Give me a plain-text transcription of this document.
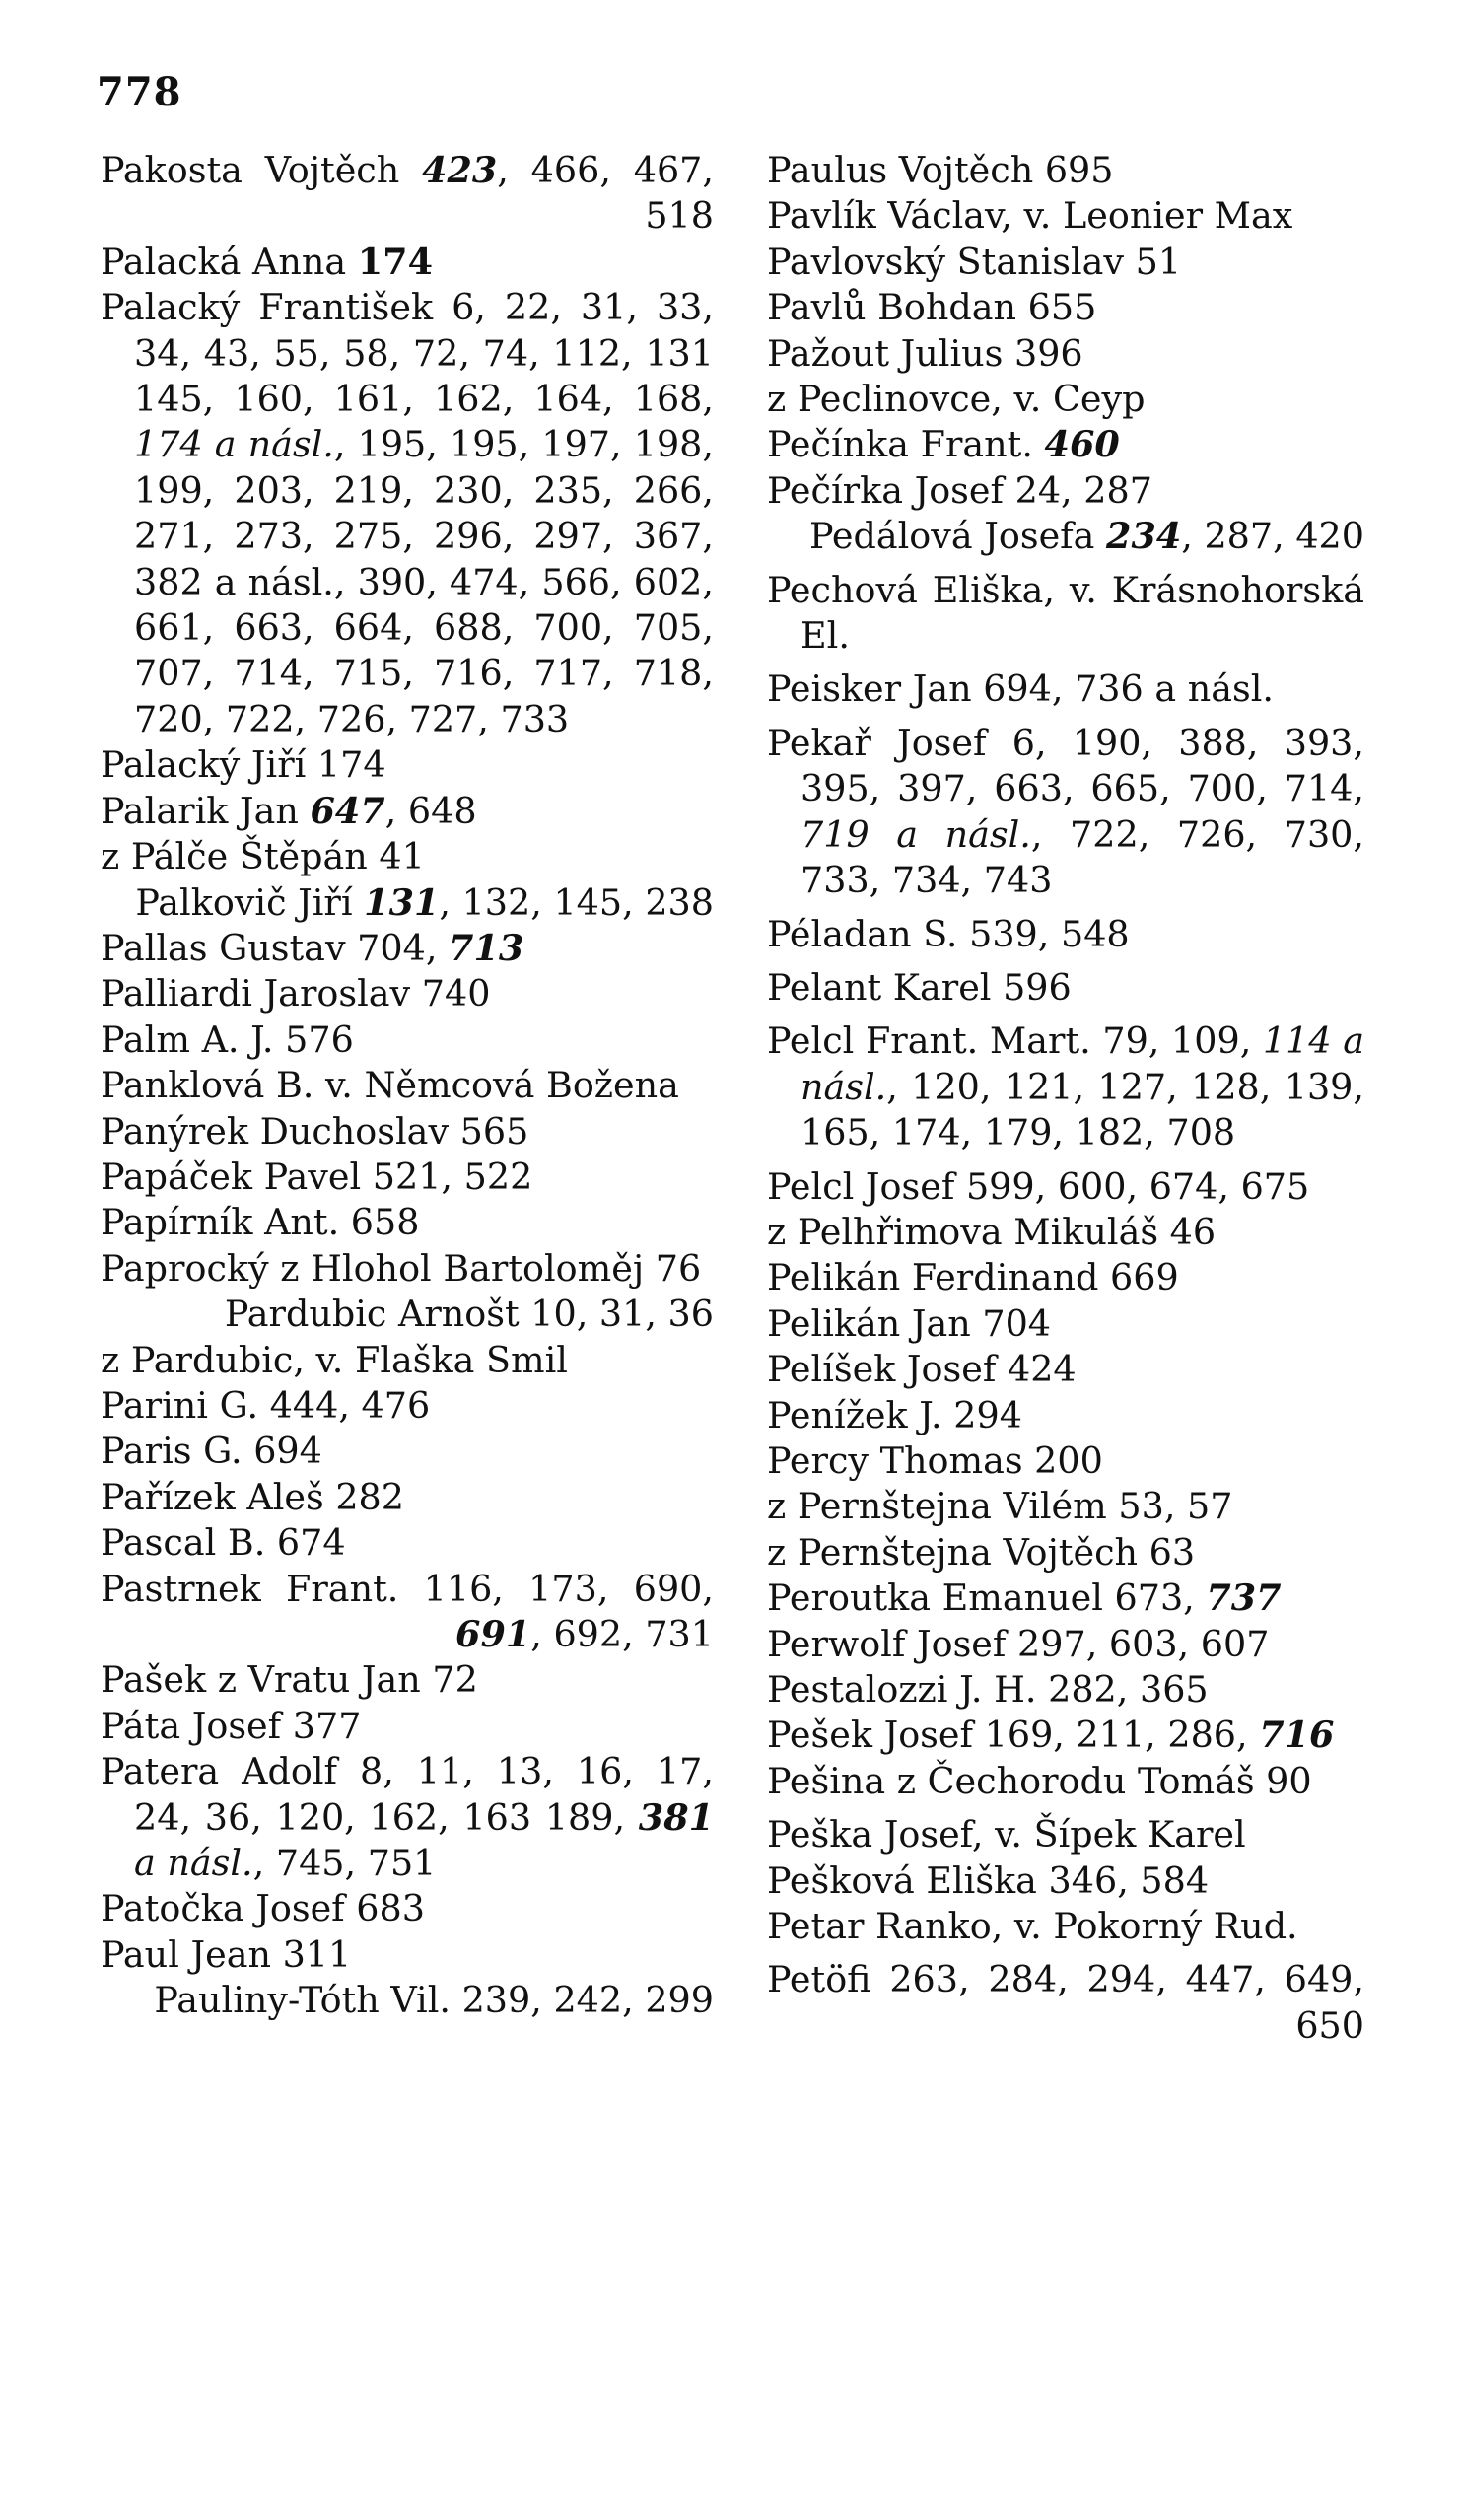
778
Pakosta Vojtěch 423, 466, 467, 518
Palacká Anna 174
Palacký František 6, 22, 31, 33, 34, 43, 55, 58, 72, 74, 112, 131 145, 160, 161, 162, 164, 168, 174 a násl., 195, 195, 197, 198, 199, 203, 219, 230, 235, 266, 271, 273, 275, 296, 297, 367, 382 a násl., 390, 474, 566, 602, 661, 663, 664, 688, 700, 705, 707, 714, 715, 716, 717, 718, 720, 722, 726, 727, 733
Palacký Jiří 174
Palarik Jan 647, 648
z Pálče Štěpán 41
Palkovič Jiří 131, 132, 145, 238
Pallas Gustav 704, 713
Palliardi Jaroslav 740
Palm A. J. 576
Panklová B. v. Němcová Božena
Panýrek Duchoslav 565
Papáček Pavel 521, 522
Papírník Ant. 658
Paprocký z Hlohol Bartoloměj 76
Pardubic Arnošt 10, 31, 36
z Pardubic, v. Flaška Smil
Parini G. 444, 476
Paris G. 694
Pařízek Aleš 282
Pascal B. 674
Pastrnek Frant. 116, 173, 690, 691, 692, 731
Pašek z Vratu Jan 72
Páta Josef 377
Patera Adolf 8, 11, 13, 16, 17, 24, 36, 120, 162, 163 189, 381 a násl., 745, 751
Patočka Josef 683
Paul Jean 311
Pauliny-Tóth Vil. 239, 242, 299
Paulus Vojtěch 695
Pavlík Václav, v. Leonier Max
Pavlovský Stanislav 51
Pavlů Bohdan 655
Pažout Julius 396
z Peclinovce, v. Ceyp
Pečínka Frant. 460
Pečírka Josef 24, 287
Pedálová Josefa 234, 287, 420
Pechová Eliška, v. Krásnohorská El.
Peisker Jan 694, 736 a násl.
Pekař Josef 6, 190, 388, 393, 395, 397, 663, 665, 700, 714, 719 a násl., 722, 726, 730, 733, 734, 743
Péladan S. 539, 548
Pelant Karel 596
Pelcl Frant. Mart. 79, 109, 114 a násl., 120, 121, 127, 128, 139, 165, 174, 179, 182, 708
Pelcl Josef 599, 600, 674, 675
z Pelhřimova Mikuláš 46
Pelikán Ferdinand 669
Pelikán Jan 704
Pelíšek Josef 424
Penížek J. 294
Percy Thomas 200
z Pernštejna Vilém 53, 57
z Pernštejna Vojtěch 63
Peroutka Emanuel 673, 737
Perwolf Josef 297, 603, 607
Pestalozzi J. H. 282, 365
Pešek Josef 169, 211, 286, 716
Pešina z Čechorodu Tomáš 90
Peška Josef, v. Šípek Karel
Pešková Eliška 346, 584
Petar Ranko, v. Pokorný Rud.
Petöfi 263, 284, 294, 447, 649, 650
